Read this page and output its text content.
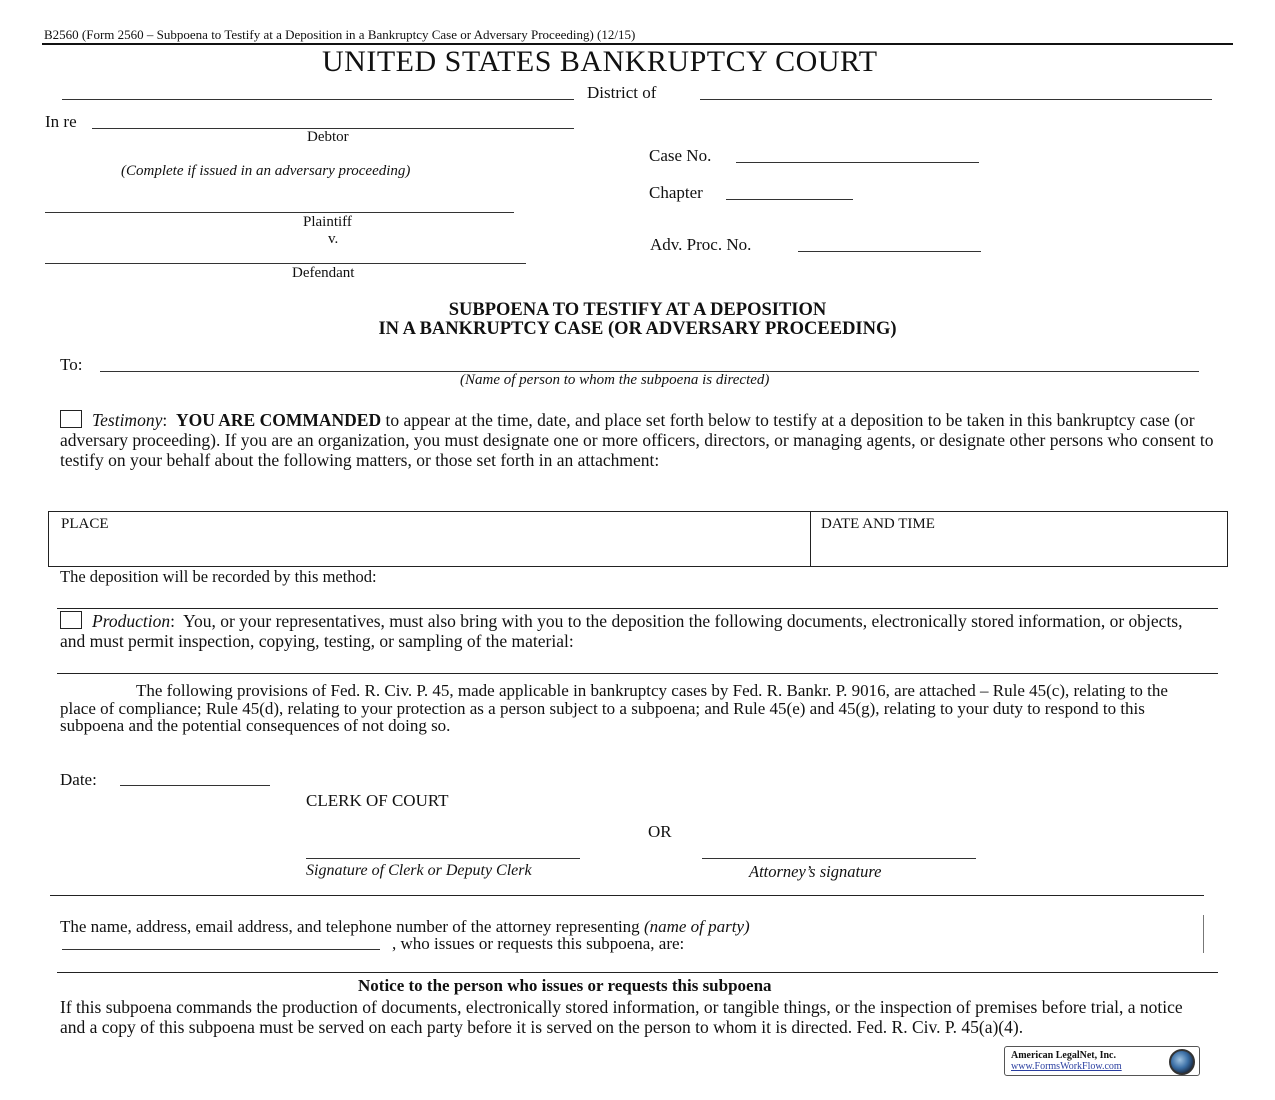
B2560 (Form 2560 – Subpoena to Testify at a Deposition in a Bankruptcy Case or Adversary Proceeding) (12/15)
UNITED STATES BANKRUPTCY COURT
District of
In re
Debtor
(Complete if issued in an adversary proceeding)
Plaintiff
v.
Defendant
Case No.
Chapter
Adv. Proc. No.
SUBPOENA TO TESTIFY AT A DEPOSITION
IN A BANKRUPTCY CASE (OR ADVERSARY PROCEEDING)
To:
(Name of person to whom the subpoena is directed)
Testimony:  YOU ARE COMMANDED to appear at the time, date, and place set forth below to testify at a deposition to be taken in this bankruptcy case (or adversary proceeding). If you are an organization, you must designate one or more officers, directors, or managing agents, or designate other persons who consent to testify on your behalf about the following matters, or those set forth in an attachment:
PLACE	DATE AND TIME
The deposition will be recorded by this method:
Production:  You, or your representatives, must also bring with you to the deposition the following documents, electronically stored information, or objects, and must permit inspection, copying, testing, or sampling of the material:
The following provisions of Fed. R. Civ. P. 45, made applicable in bankruptcy cases by Fed. R. Bankr. P. 9016, are attached – Rule 45(c), relating to the place of compliance; Rule 45(d), relating to your protection as a person subject to a subpoena; and Rule 45(e) and 45(g), relating to your duty to respond to this subpoena and the potential consequences of not doing so.
Date:
CLERK OF COURT
OR
Signature of Clerk or Deputy Clerk	Attorney’s signature
The name, address, email address, and telephone number of the attorney representing (name of party)
, who issues or requests this subpoena, are:
Notice to the person who issues or requests this subpoena
If this subpoena commands the production of documents, electronically stored information, or tangible things, or the inspection of premises before trial, a notice and a copy of this subpoena must be served on each party before it is served on the person to whom it is directed. Fed. R. Civ. P. 45(a)(4).
American LegalNet, Inc.
www.FormsWorkFlow.com
